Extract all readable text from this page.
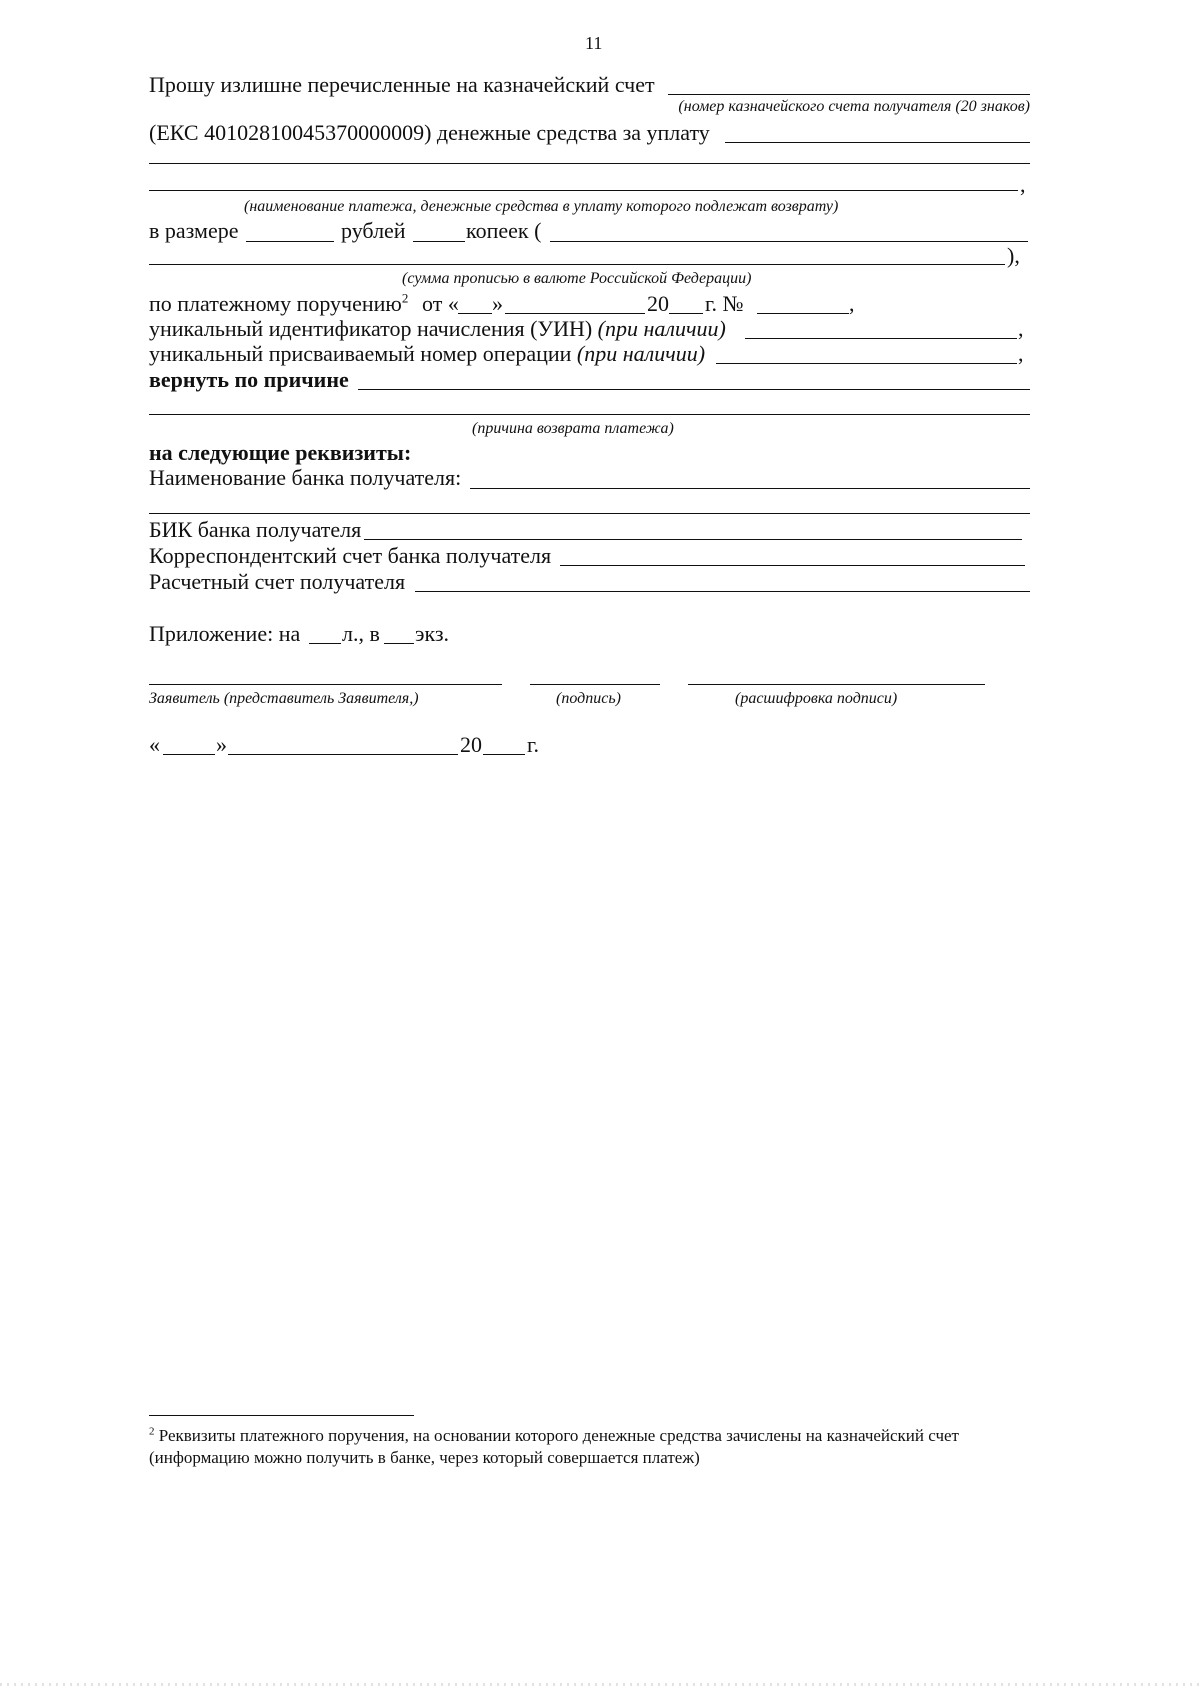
11
Прошу излишне перечисленные на казначейский счет
(номер казначейского счета получателя (20 знаков)
(ЕКС 40102810045370000009) денежные средства за уплату
,
(наименование платежа, денежные средства в уплату которого подлежат возврату)
в размере	рублей	копеек (
),
(сумма прописью в валюте Российской Федерации)
по платежному поручению$^2$ от « »	20 г. №	,
уникальный идентификатор начисления (УИН) (при наличии)	,
уникальный присваиваемый номер операции (при наличии)	,
вернуть по причине
(причина возврата платежа)
на следующие реквизиты:
Наименование банка получателя:
БИК банка получателя
Корреспондентский счет банка получателя
Расчетный счет получателя
Приложение: на л., в экз.
Заявитель (представитель Заявителя,)	(подпись)	(расшифровка подписи)
«	»	20 г.
$^2$ Реквизиты платежного поручения, на основании которого денежные средства зачислены на казначейский счет (информацию можно получить в банке, через который совершается платеж)
